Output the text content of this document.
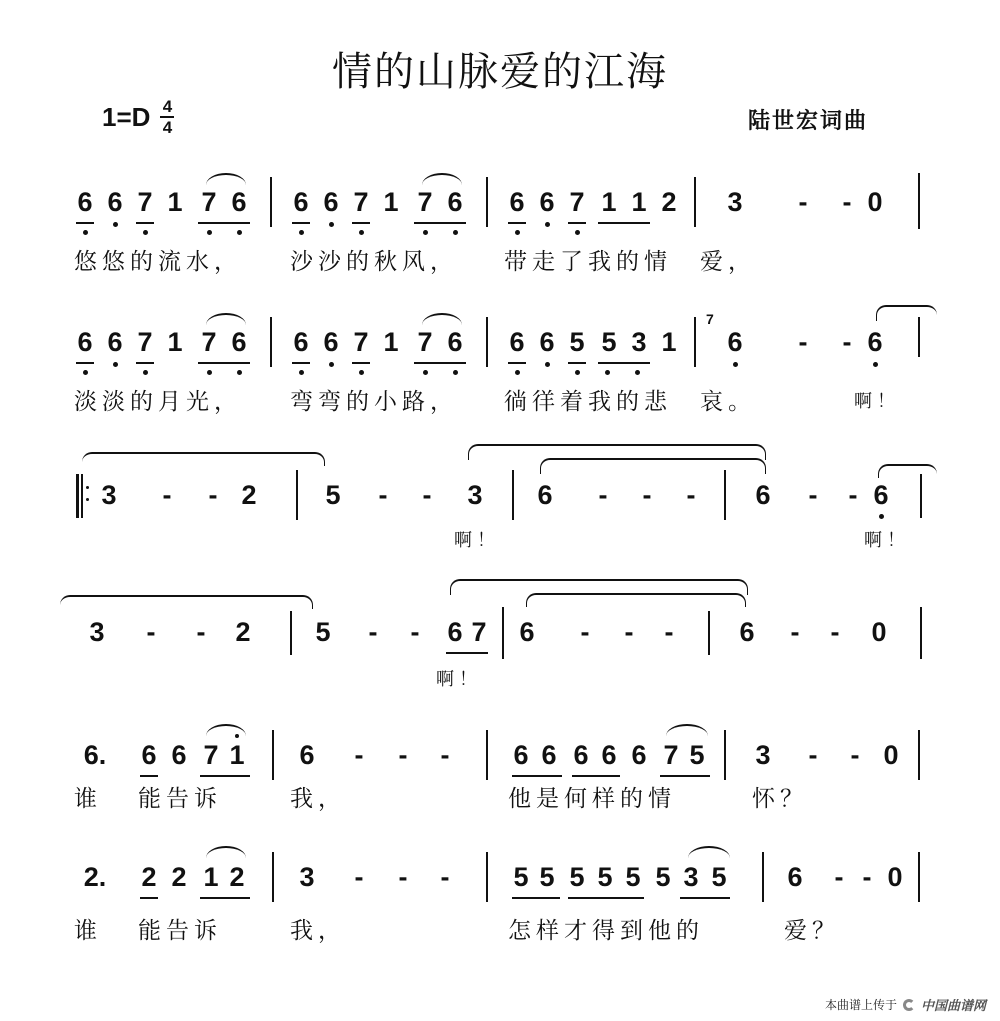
情的山脉爱的江海
$1=D \frac{4}{4}$	陆世宏词曲
6 6 7 1 7 6 6 6 7 1 7 6 6 6 7 1 1 2 3 - - 0
悠悠的流水， 沙沙的秋风， 带走了我的情　爱，
6 6 7 1 7 6 6 6 7 1 7 6 6 6 5 5 3 1
7
6 - - 6
淡淡的月光， 弯弯的小路， 徜徉着我的悲　哀。	啊！
3 - - 2	5 - - 3 6 - - - 6 - - 6
啊！	啊！
3 - - 2 5 - - 6 7 6 - - - 6 - - 0
啊！
6. 6 6 7 1 6 - - - 6 6 6 6 6 7 5 3 - - 0
谁 能告诉	我，	他是何样的情	怀？
2. 2 2 1 2 3 - - - 5 5 5 5 5 5 3 5 6 - - 0
谁 能告诉	我，	怎样才得到他的	爱？
本曲谱上传于 中国曲谱网
